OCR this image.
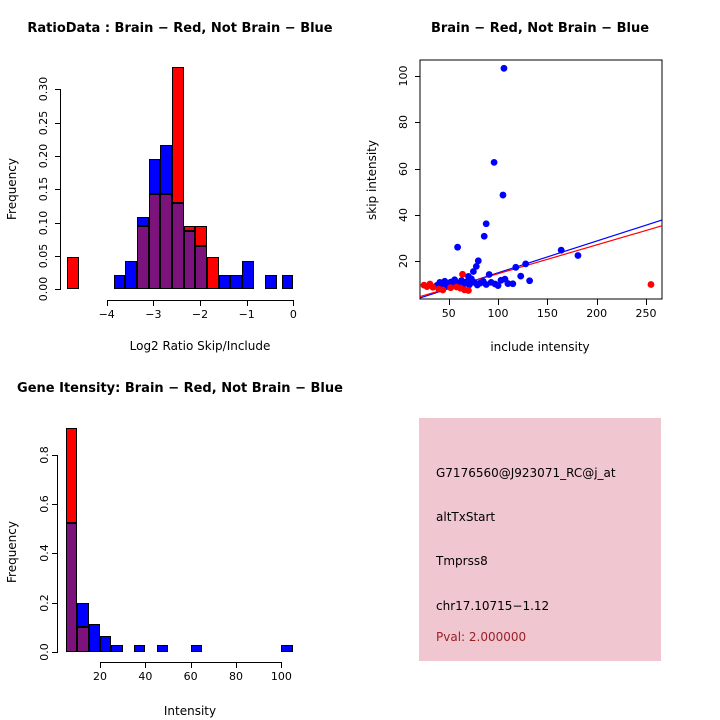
RatioData : Brain − Red, Not Brain − Blue
Frequency
Log2 Ratio Skip/Include
0.00
0.05
0.10
0.15
0.20
0.25
0.30
−4	−3	−2	−1	0
Brain − Red, Not Brain − Blue
skip intensity
include intensity
20
40
60
80
100
50	100	150	200	250
Gene Itensity: Brain − Red, Not Brain − Blue
Frequency
Intensity
0.0
0.2
0.4
0.6
0.8
20	40	60	80	100
G7176560@J923071_RC@j_at
altTxStart
Tmprss8
chr17.10715−1.12
Pval: 2.000000
